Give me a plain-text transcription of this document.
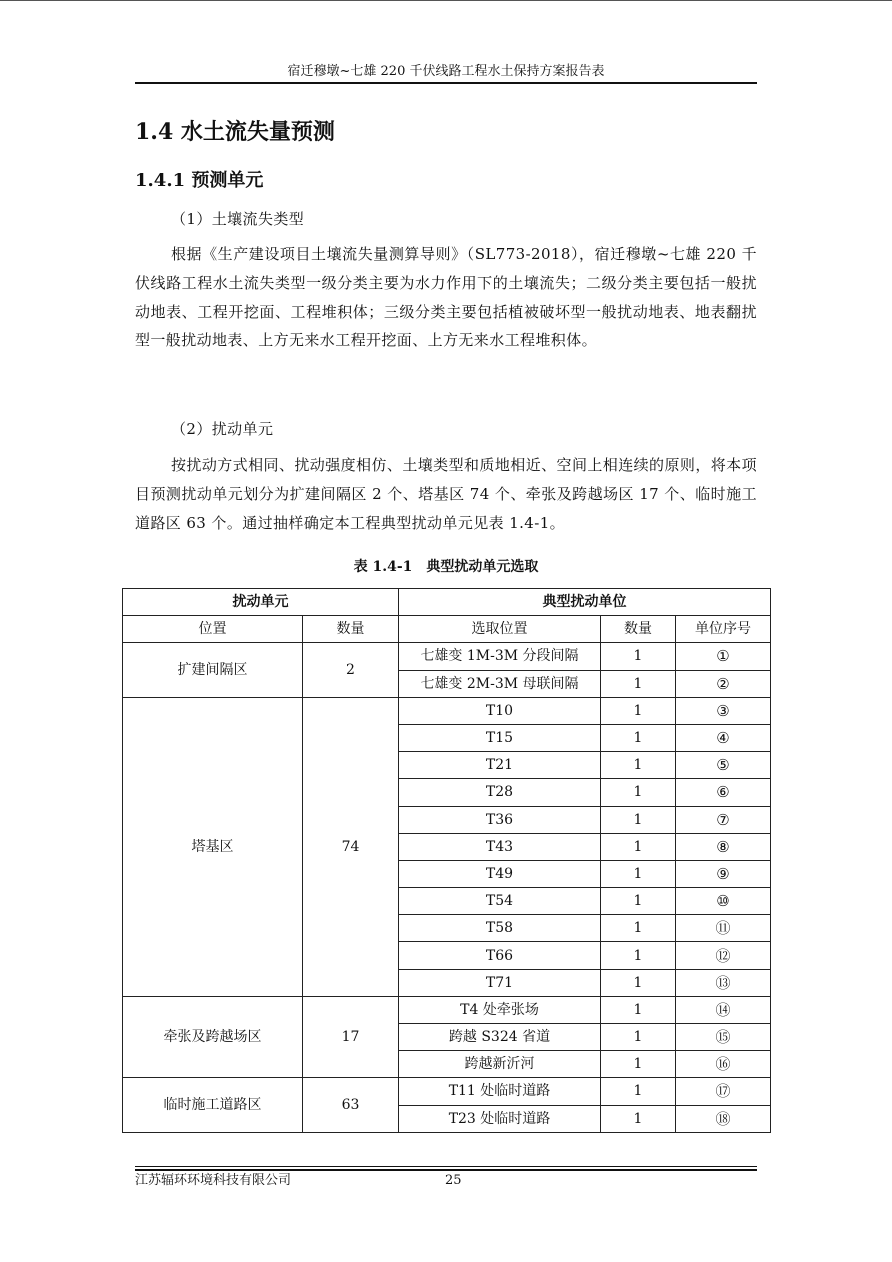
宿迁穆墩~七雄 220 千伏线路工程水土保持方案报告表
1.4 水土流失量预测
1.4.1 预测单元
（1）土壤流失类型
根据《生产建设项目土壤流失量测算导则》（SL773-2018），宿迁穆墩~七雄 220 千伏线路工程水土流失类型一级分类主要为水力作用下的土壤流失；二级分类主要包括一般扰动地表、工程开挖面、工程堆积体；三级分类主要包括植被破坏型一般扰动地表、地表翻扰型一般扰动地表、上方无来水工程开挖面、上方无来水工程堆积体。
（2）扰动单元
按扰动方式相同、扰动强度相仿、土壤类型和质地相近、空间上相连续的原则，将本项目预测扰动单元划分为扩建间隔区 2 个、塔基区 74 个、牵张及跨越场区 17 个、临时施工道路区 63 个。通过抽样确定本工程典型扰动单元见表 1.4-1。
表 1.4-1　典型扰动单元选取
扰动单元		典型扰动单位		
位置	数量	选取位置	数量	单位序号
扩建间隔区	2	七雄变 1M-3M 分段间隔	1	①
		七雄变 2M-3M 母联间隔	1	②
塔基区	74	T10	1	③
		T15	1	④
		T21	1	⑤
		T28	1	⑥
		T36	1	⑦
		T43	1	⑧
		T49	1	⑨
		T54	1	⑩
		T58	1	⑪
		T66	1	⑫
		T71	1	⑬
牵张及跨越场区	17	T4 处牵张场	1	⑭
		跨越 S324 省道	1	⑮
		跨越新沂河	1	⑯
临时施工道路区	63	T11 处临时道路	1	⑰
		T23 处临时道路	1	⑱
江苏辐环环境科技有限公司	25
